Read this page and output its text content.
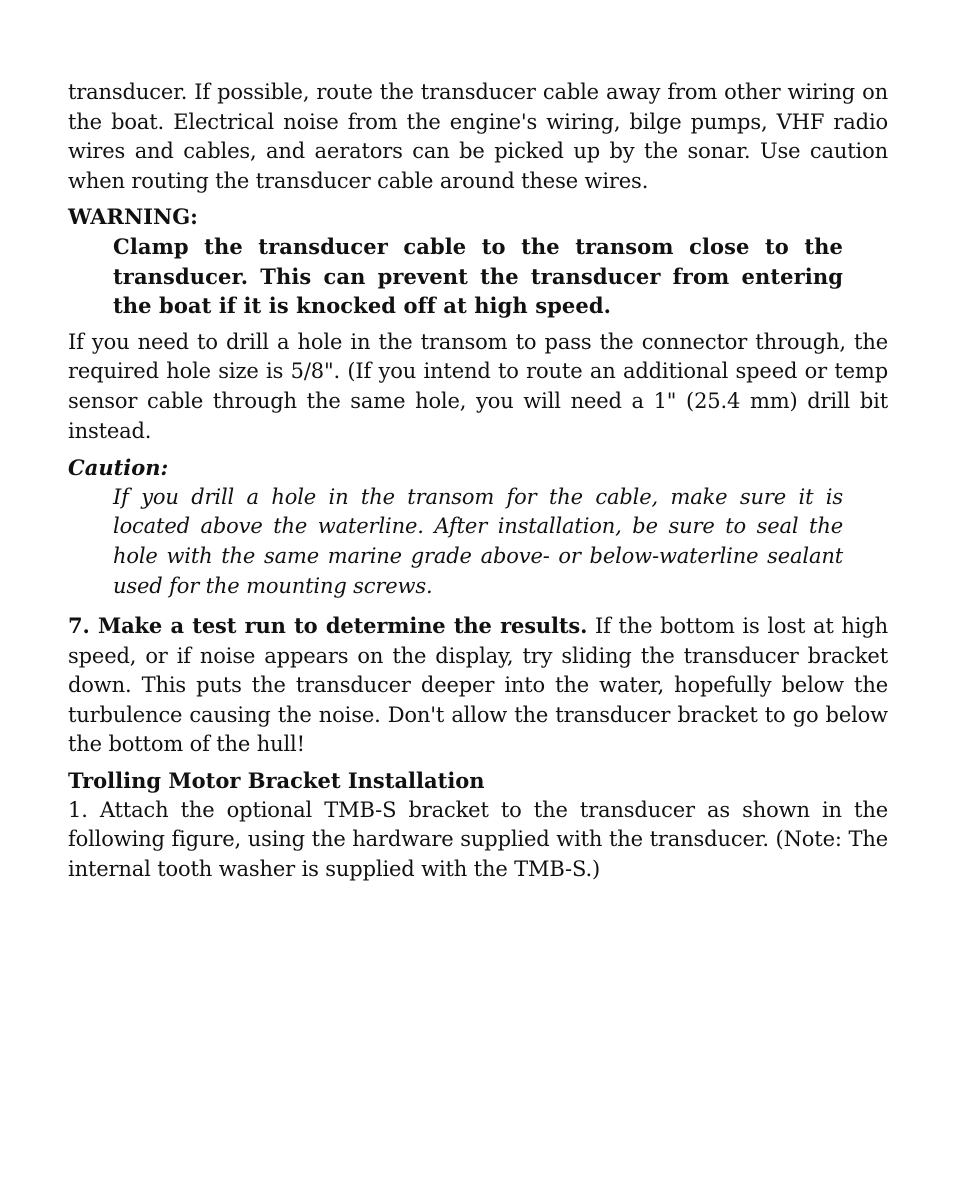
transducer. If possible, route the transducer cable away from other wiring on the boat. Electrical noise from the engine's wiring, bilge pumps, VHF radio wires and cables, and aerators can be picked up by the sonar. Use caution when routing the transducer cable around these wires.

WARNING:

Clamp the transducer cable to the transom close to the transducer. This can prevent the transducer from entering the boat if it is knocked off at high speed.

If you need to drill a hole in the transom to pass the connector through, the required hole size is 5/8". (If you intend to route an additional speed or temp sensor cable through the same hole, you will need a 1" (25.4 mm) drill bit instead.

Caution:

If you drill a hole in the transom for the cable, make sure it is located above the waterline. After installation, be sure to seal the hole with the same marine grade above- or below-waterline sealant used for the mounting screws.

7. Make a test run to determine the results. If the bottom is lost at high speed, or if noise appears on the display, try sliding the transducer bracket down. This puts the transducer deeper into the water, hopefully below the turbulence causing the noise. Don't allow the transducer bracket to go below the bottom of the hull!

Trolling Motor Bracket Installation

1. Attach the optional TMB-S bracket to the transducer as shown in the following figure, using the hardware supplied with the transducer. (Note: The internal tooth washer is supplied with the TMB-S.)
